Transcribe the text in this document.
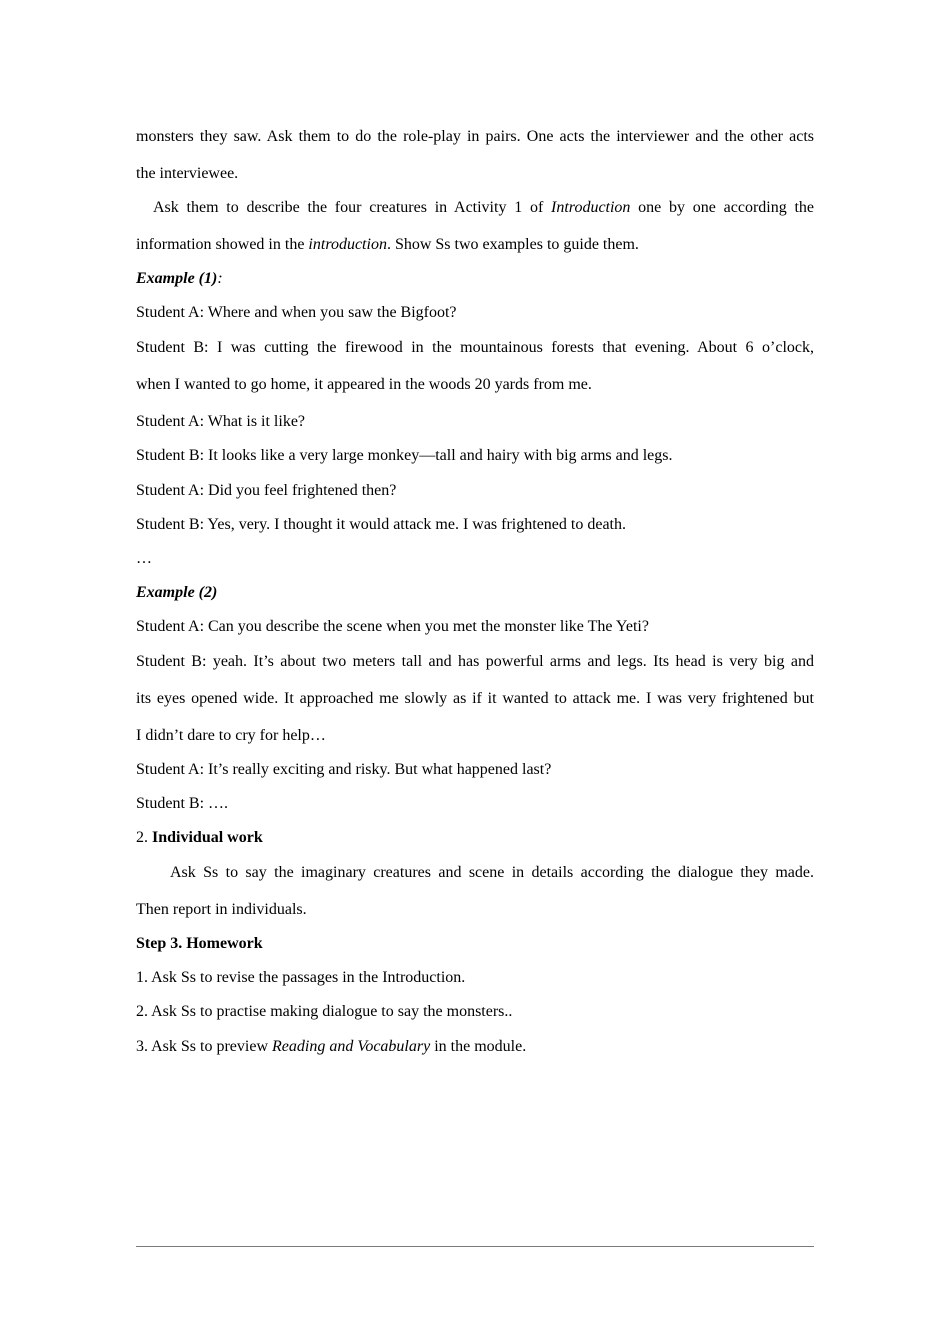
monsters they saw. Ask them to do the role-play in pairs. One acts the interviewer and the other acts
the interviewee.
Ask them to describe the four creatures in Activity 1 of Introduction one by one according the
information showed in the introduction. Show Ss two examples to guide them.
Example (1):
Student A: Where and when you saw the Bigfoot?
Student B: I was cutting the firewood in the mountainous forests that evening. About 6 o’clock,
when I wanted to go home, it appeared in the woods 20 yards from me.
Student A: What is it like?
Student B: It looks like a very large monkey—tall and hairy with big arms and legs.
Student A: Did you feel frightened then?
Student B: Yes, very. I thought it would attack me. I was frightened to death.
…
Example (2)
Student A: Can you describe the scene when you met the monster like The Yeti?
Student B: yeah. It’s about two meters tall and has powerful arms and legs. Its head is very big and
its eyes opened wide. It approached me slowly as if it wanted to attack me. I was very frightened but
I didn’t dare to cry for help…
Student A: It’s really exciting and risky. But what happened last?
Student B: ….
2. Individual work
Ask Ss to say the imaginary creatures and scene in details according the dialogue they made.
Then report in individuals.
Step 3. Homework
1. Ask Ss to revise the passages in the Introduction.
2. Ask Ss to practise making dialogue to say the monsters..
3. Ask Ss to preview Reading and Vocabulary in the module.
